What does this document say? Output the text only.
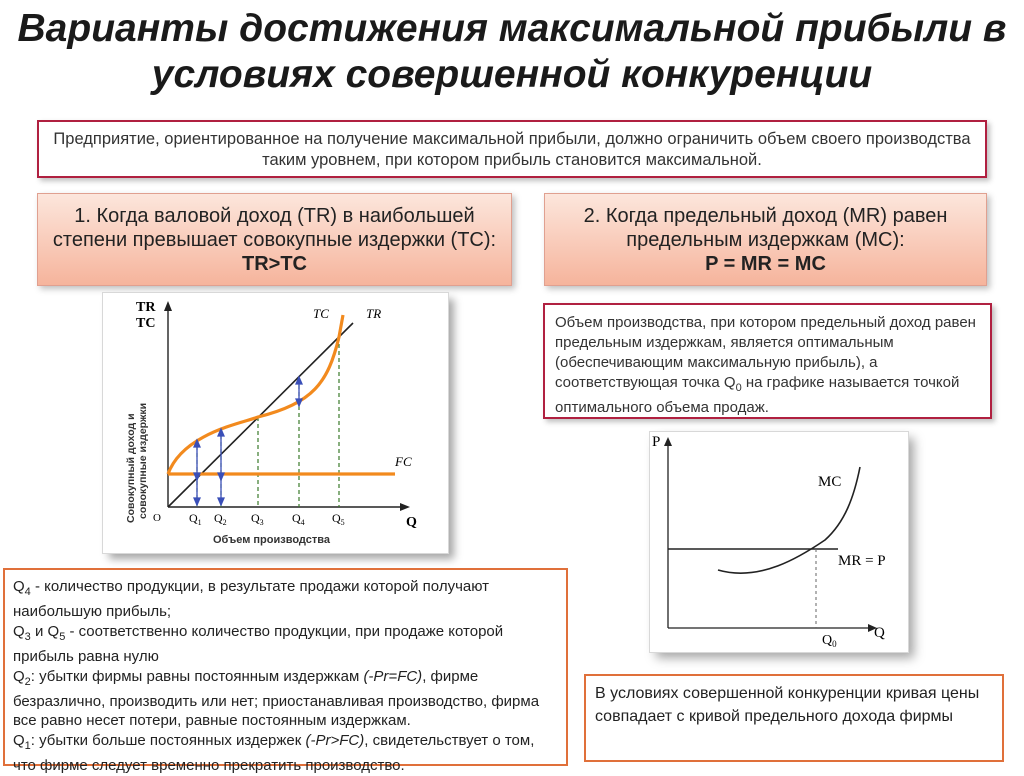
Варианты достижения максимальной прибыли в условиях совершенной конкуренции
Предприятие, ориентированное на получение максимальной прибыли, должно ограничить объем своего производства таким уровнем, при котором прибыль становится максимальной.
1. Когда валовой доход (TR) в наибольшей степени превышает совокупные издержки (TC): TR>TC
2. Когда предельный доход (MR) равен предельным издержкам (MC):
P = MR = MC
Объем производства, при котором предельный доход равен предельным издержкам, является оптимальным (обеспечивающим максимальную прибыль), а соответствующая точка $Q_0$ на графике называется точкой оптимального объема продаж.
TR
TC
Совокупный доход и совокупные издержки O	Q
TC	TR
FC
$Q_1$ $Q_2$ $Q_3$ $Q_4$ $Q_5$
Объем производства
P
Q
MR = P
MC
$Q_0$

$Q_4$ - количество продукции, в результате продажи которой получают наибольшую прибыль;

$Q_3$ и $Q_5$ - соответственно количество продукции, при продаже которой прибыль равна нулю

$Q_2$: убытки фирмы равны постоянным издержкам (-Pr=FC), фирме безразлично, производить или нет; приостанавливая производство, фирма все равно несет потери, равные постоянным издержкам.

$Q_1$: убытки больше постоянных издержек (-Pr>FC), свидетельствует о том, что фирме следует временно прекратить производство.

В условиях совершенной конкуренции кривая цены совпадает с кривой предельного дохода фирмы
